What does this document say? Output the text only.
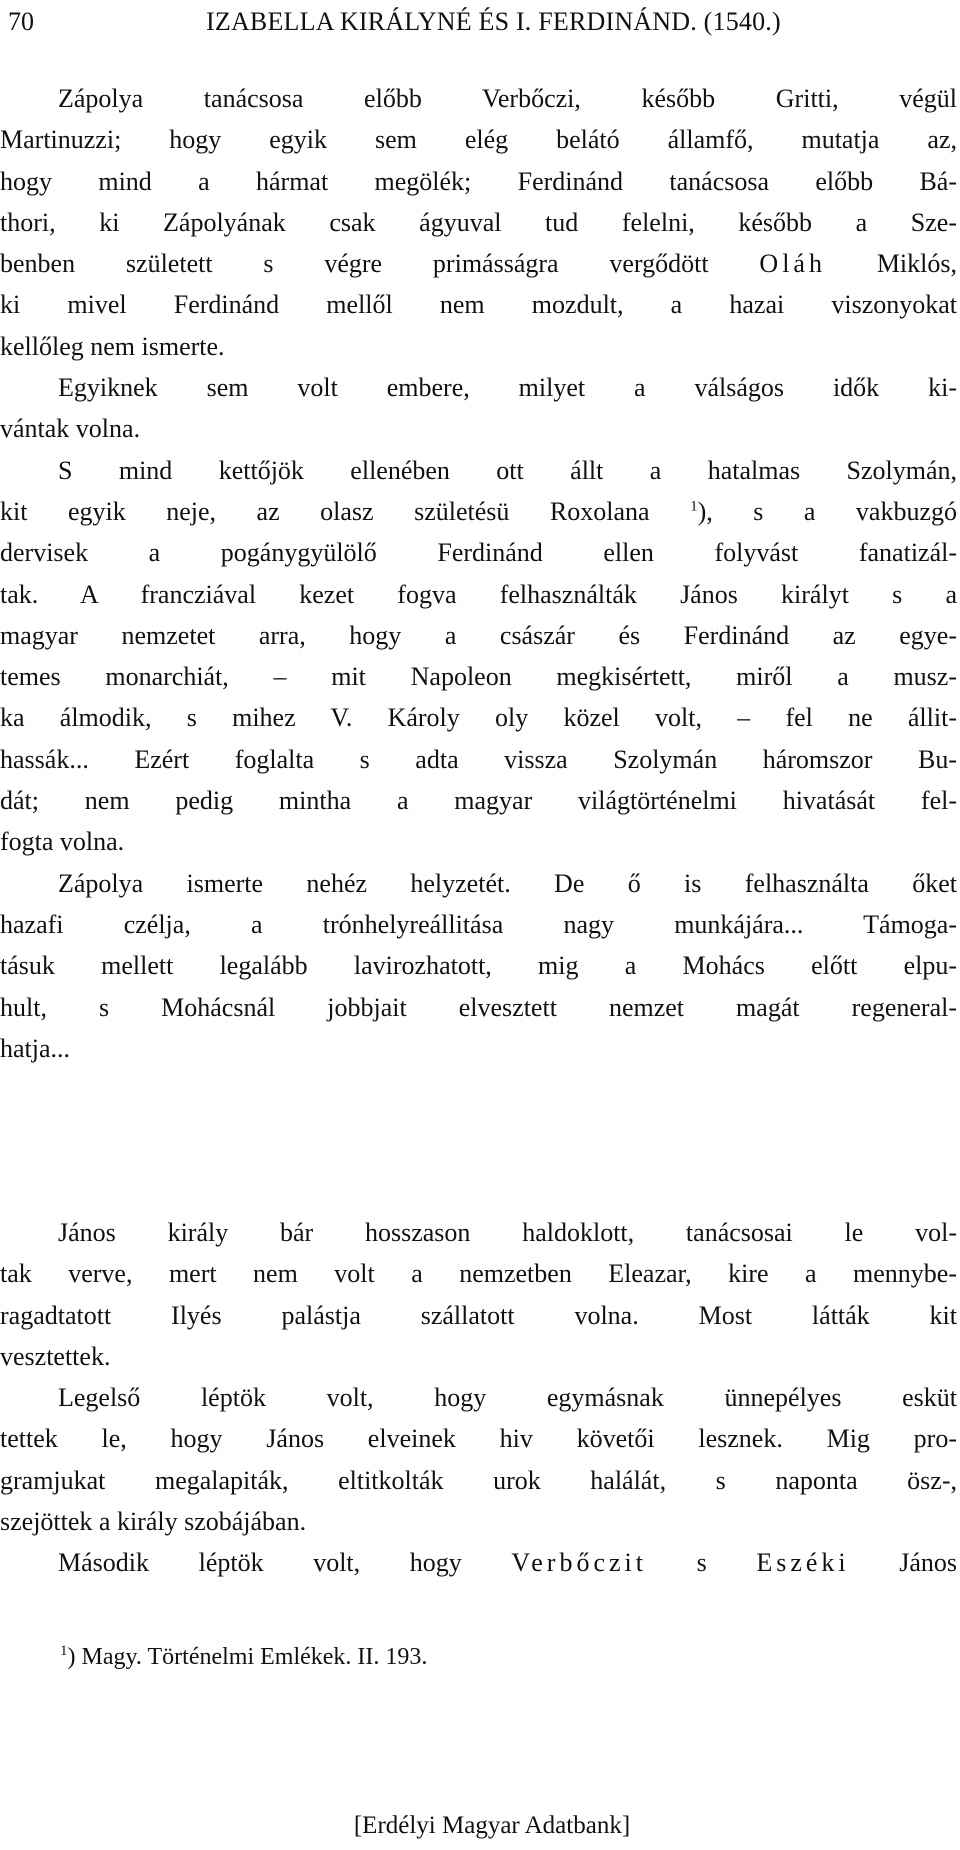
70	IZABELLA KIRÁLYNÉ ÉS I. FERDINÁND. (1540.)
Zápolya tanácsosa előbb Verbőczi, később Gritti, végül
Martinuzzi; hogy egyik sem elég belátó államfő, mutatja az,
hogy mind a hármat megölék; Ferdinánd tanácsosa előbb Bá-
thori, ki Zápolyának csak ágyuval tud felelni, később a Sze-
benben született s végre primásságra vergődött Oláh Miklós,
ki mivel Ferdinánd mellől nem mozdult, a hazai viszonyokat
kellőleg nem ismerte.
Egyiknek sem volt embere, milyet a válságos idők ki-
vántak volna.
S mind kettőjök ellenében ott állt a hatalmas Szolymán,
kit egyik neje, az olasz születésü Roxolana	$^1$), s a vakbuzgó
dervisek a pogánygyülölő Ferdinánd ellen folyvást fanatizál-
tak. A francziával kezet fogva felhasználták János királyt s a
magyar nemzetet arra, hogy a császár és Ferdinánd az egye-
temes monarchiát, – mit Napoleon megkisértett, miről a musz-
ka álmodik, s mihez V. Károly oly közel volt, – fel ne állit-
hassák... Ezért foglalta s adta vissza Szolymán háromszor Bu-
dát; nem pedig mintha a magyar világtörténelmi hivatását fel-
fogta volna.
Zápolya ismerte nehéz helyzetét. De ő is felhasználta őket
hazafi czélja, a trónhelyreállitása nagy munkájára... Támoga-
tásuk mellett legalább lavirozhatott, mig a Mohács előtt elpu-
hult, s Mohácsnál jobbjait elvesztett nemzet magát regeneral-
hatja...
János király bár hosszason haldoklott, tanácsosai le vol-
tak verve, mert nem volt a nemzetben Eleazar, kire a mennybe-
ragadtatott Ilyés palástja szállatott volna. Most látták kit
vesztettek.
Legelső léptök volt, hogy egymásnak ünnepélyes esküt
tettek le, hogy János elveinek hiv követői lesznek. Mig pro-
gramjukat megalapiták, eltitkolták urok halálát, s naponta ösz-,
szejöttek a király szobájában.
Második léptök volt, hogy Verbőczit s Eszéki János
$^1$) Magy. Történelmi Emlékek. II. 193.
[Erdélyi Magyar Adatbank]
